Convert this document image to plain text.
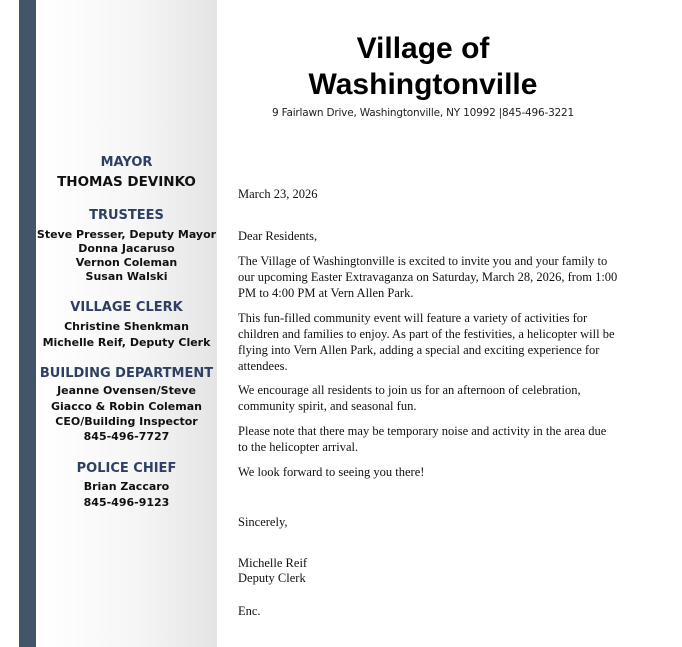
MAYOR
THOMAS DEVINKO
TRUSTEES
Steve Presser, Deputy Mayor
Donna Jacaruso
Vernon Coleman
Susan Walski
VILLAGE CLERK
Christine Shenkman
Michelle Reif, Deputy Clerk
BUILDING DEPARTMENT
Jeanne Ovensen/Steve
Giacco & Robin Coleman
CEO/Building Inspector
845-496-7727
POLICE CHIEF
Brian Zaccaro
845-496-9123
Village of
Washingtonville
9 Fairlawn Drive, Washingtonville, NY 10992 |845-496-3221

March 23, 2026

Dear Residents,

The Village of Washingtonville is excited to invite you and your family to our upcoming Easter Extravaganza on Saturday, March 28, 2026, from 1:00 PM to 4:00 PM at Vern Allen Park.

This fun-filled community event will feature a variety of activities for children and families to enjoy. As part of the festivities, a helicopter will be flying into Vern Allen Park, adding a special and exciting experience for attendees.

We encourage all residents to join us for an afternoon of celebration, community spirit, and seasonal fun.

Please note that there may be temporary noise and activity in the area due to the helicopter arrival.

We look forward to seeing you there!

Sincerely,

Michelle Reif

Deputy Clerk

Enc.
